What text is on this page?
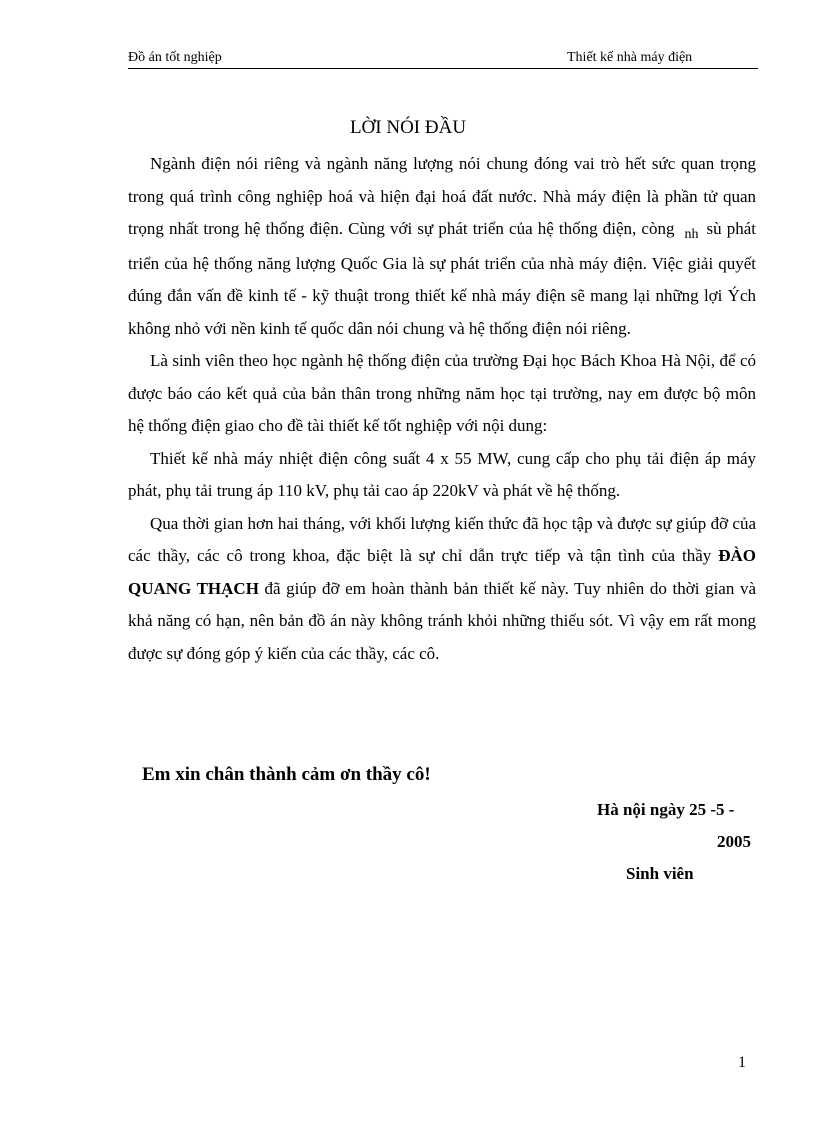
Đồ án tốt nghiệp	Thiết kế nhà máy điện
LỜI NÓI ĐẦU

Ngành điện nói riêng và ngành năng lượng nói chung đóng vai trò hết sức quan trọng trong quá trình công nghiệp hoá và hiện đại hoá đất nước. Nhà máy điện là phần tử quan trọng nhất trong hệ thống điện. Cùng với sự phát triển của hệ thống điện, còng $_{nh}$ sù phát triển của hệ thống năng lượng Quốc Gia là sự phát triển của nhà máy điện. Việc giải quyết đúng đắn vấn đề kinh tế - kỹ thuật trong thiết kế nhà máy điện sẽ mang lại những lợi Ých không nhỏ với nền kinh tế quốc dân nói chung và hệ thống điện nói riêng.

Là sinh viên theo học ngành hệ thống điện của trường Đại học Bách Khoa Hà Nội, để có được báo cáo kết quả của bản thân trong những năm học tại trường, nay em được bộ môn hệ thống điện giao cho đề tài thiết kế tốt nghiệp với nội dung:

Thiết kế nhà máy nhiệt điện công suất 4 x 55 MW, cung cấp cho phụ tải điện áp máy phát, phụ tải trung áp 110 kV, phụ tải cao áp 220kV và phát về hệ thống.

Qua thời gian hơn hai tháng, với khối lượng kiến thức đã học tập và được sự giúp đỡ của các thầy, các cô trong khoa, đặc biệt là sự chỉ dẫn trực tiếp và tận tình của thầy ĐÀO QUANG THẠCH đã giúp đỡ em hoàn thành bản thiết kế này. Tuy nhiên do thời gian và khả năng có hạn, nên bản đồ án này không tránh khỏi những thiếu sót. Vì vậy em rất mong được sự đóng góp ý kiến của các thầy, các cô.

Em xin chân thành cảm ơn thầy cô!
Hà nội ngày 25 -5 -
2005
Sinh viên
1
